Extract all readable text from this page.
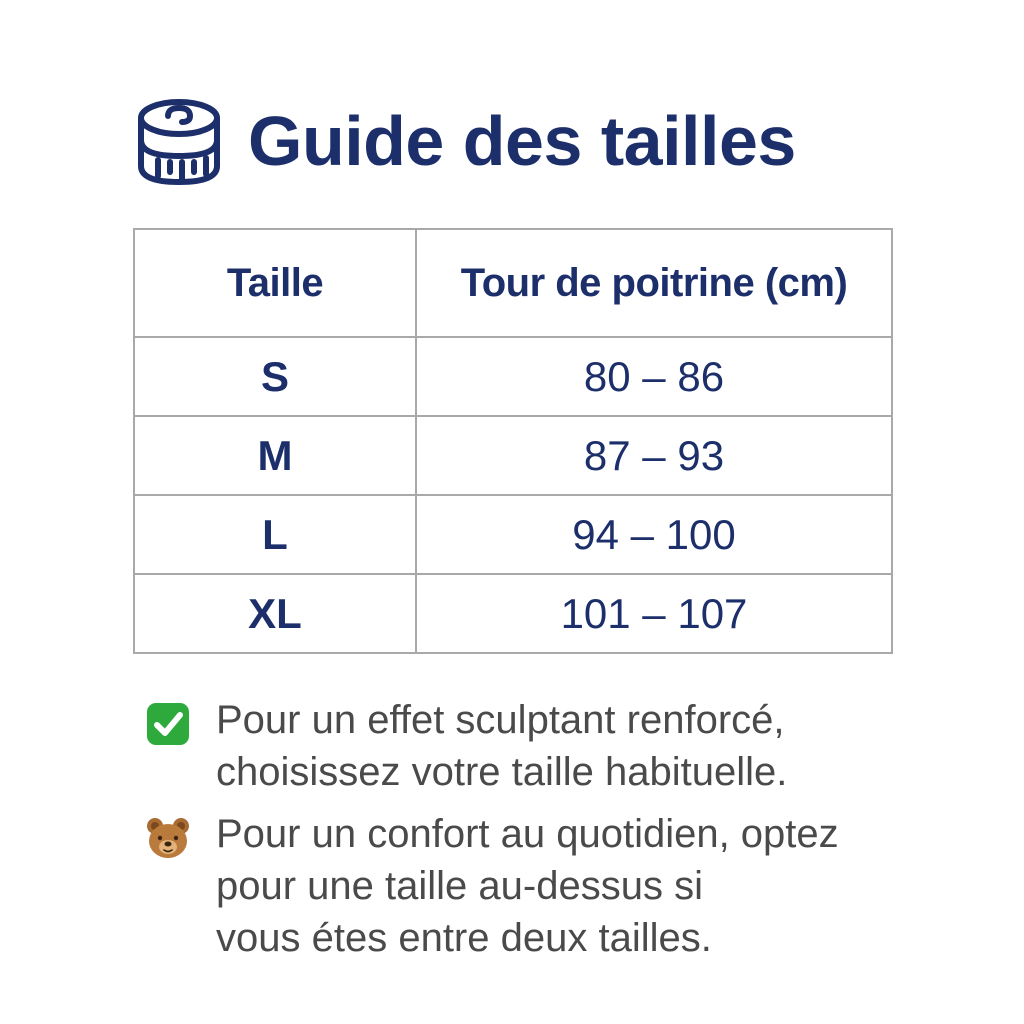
Guide des tailles
Taille	Tour de poitrine (cm)
S	80 – 86
M	87 – 93
L	94 – 100
XL	101 – 107
Pour un effet sculptant renforcé,
choisissez votre taille habituelle.
Pour un confort au quotidien, optez
pour une taille au-dessus si
vous étes entre deux tailles.
